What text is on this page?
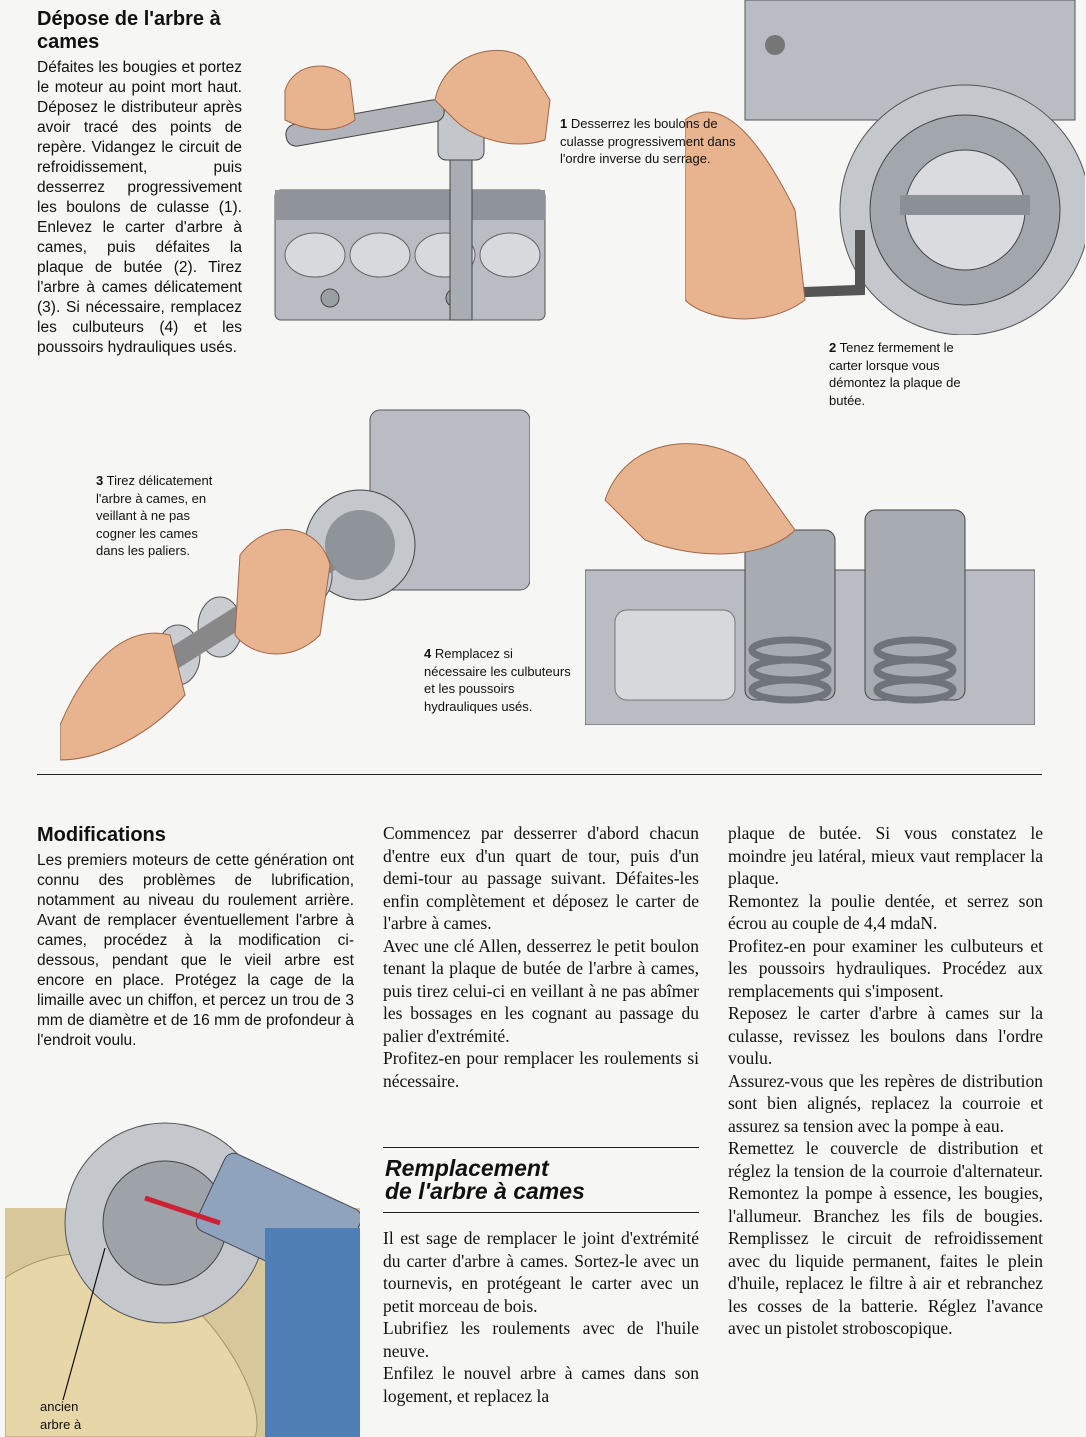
Dépose de l'arbre à cames
Défaites les bougies et portez le moteur au point mort haut. Déposez le distributeur après avoir tracé des points de repère. Vidangez le circuit de refroidissement, puis desserrez progressivement les boulons de culasse (1). Enlevez le carter d'arbre à cames, puis défaites la plaque de butée (2). Tirez l'arbre à cames délicatement (3). Si nécessaire, remplacez les culbuteurs (4) et les poussoirs hydrauliques usés.
1 Desserrez les boulons de culasse progressivement dans l'ordre inverse du serrage.
2 Tenez fermement le carter lorsque vous démontez la plaque de butée.
3 Tirez délicatement l'arbre à cames, en veillant à ne pas cogner les cames dans les paliers.
4 Remplacez si nécessaire les culbuteurs et les poussoirs hydrauliques usés.
Modifications
Les premiers moteurs de cette génération ont connu des problèmes de lubrification, notamment au niveau du roulement arrière. Avant de remplacer éventuellement l'arbre à cames, procédez à la modification ci-dessous, pendant que le vieil arbre est encore en place. Protégez la cage de la limaille avec un chiffon, et percez un trou de 3 mm de diamètre et de 16 mm de profondeur à l'endroit voulu.
ancien arbre à

Commencez par desserrer d'abord chacun d'entre eux d'un quart de tour, puis d'un demi-tour au passage suivant. Défaites-les enfin complètement et déposez le carter de l'arbre à cames.

Avec une clé Allen, desserrez le petit boulon tenant la plaque de butée de l'arbre à cames, puis tirez celui-ci en veillant à ne pas abîmer les bossages en les cognant au passage du palier d'extrémité.

Profitez-en pour remplacer les roulements si nécessaire.

Remplacement
de l'arbre à cames

Il est sage de remplacer le joint d'extrémité du carter d'arbre à cames. Sortez-le avec un tournevis, en protégeant le carter avec un petit morceau de bois.

Lubrifiez les roulements avec de l'huile neuve.

Enfilez le nouvel arbre à cames dans son logement, et replacez la

plaque de butée. Si vous constatez le moindre jeu latéral, mieux vaut remplacer la plaque.

Remontez la poulie dentée, et serrez son écrou au couple de 4,4 mdaN.

Profitez-en pour examiner les culbuteurs et les poussoirs hydrauliques. Procédez aux remplacements qui s'imposent.

Reposez le carter d'arbre à cames sur la culasse, revissez les boulons dans l'ordre voulu.

Assurez-vous que les repères de distribution sont bien alignés, replacez la courroie et assurez sa tension avec la pompe à eau.

Remettez le couvercle de distribution et réglez la tension de la courroie d'alternateur. Remontez la pompe à essence, les bougies, l'allumeur. Branchez les fils de bougies. Remplissez le circuit de refroidissement avec du liquide permanent, faites le plein d'huile, replacez le filtre à air et rebranchez les cosses de la batterie. Réglez l'avance avec un pistolet stroboscopique.
